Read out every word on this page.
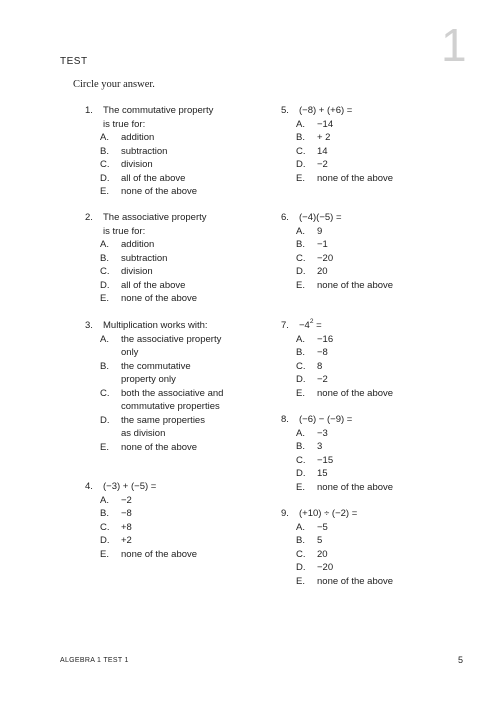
1
TEST
Circle your answer.
1. The commutative property
is true for:
A. addition
B. subtraction
C. division
D. all of the above
E. none of the above
2. The associative property
is true for:
A. addition
B. subtraction
C. division
D. all of the above
E. none of the above
3. Multiplication works with:
A. the associative property
only
B. the commutative
property only
C. both the associative and
commutative properties
D. the same properties
as division
E. none of the above
4. (−3) + (−5) =
A. −2
B. −8
C. +8
D. +2
E. none of the above
5. (−8) + (+6) =
A. −14
B. + 2
C. 14
D. −2
E. none of the above
6. (−4)(−5) =
A. 9
B. −1
C. −20
D. 20
E. none of the above
7. $-4^2$ =
A. −16
B. −8
C. 8
D. −2
E. none of the above
8. (−6) − (−9) =
A. −3
B. 3
C. −15
D. 15
E. none of the above
9. (+10) ÷ (−2) =
A. −5
B. 5
C. 20
D. −20
E. none of the above
ALGEBRA 1 TEST 1	5
